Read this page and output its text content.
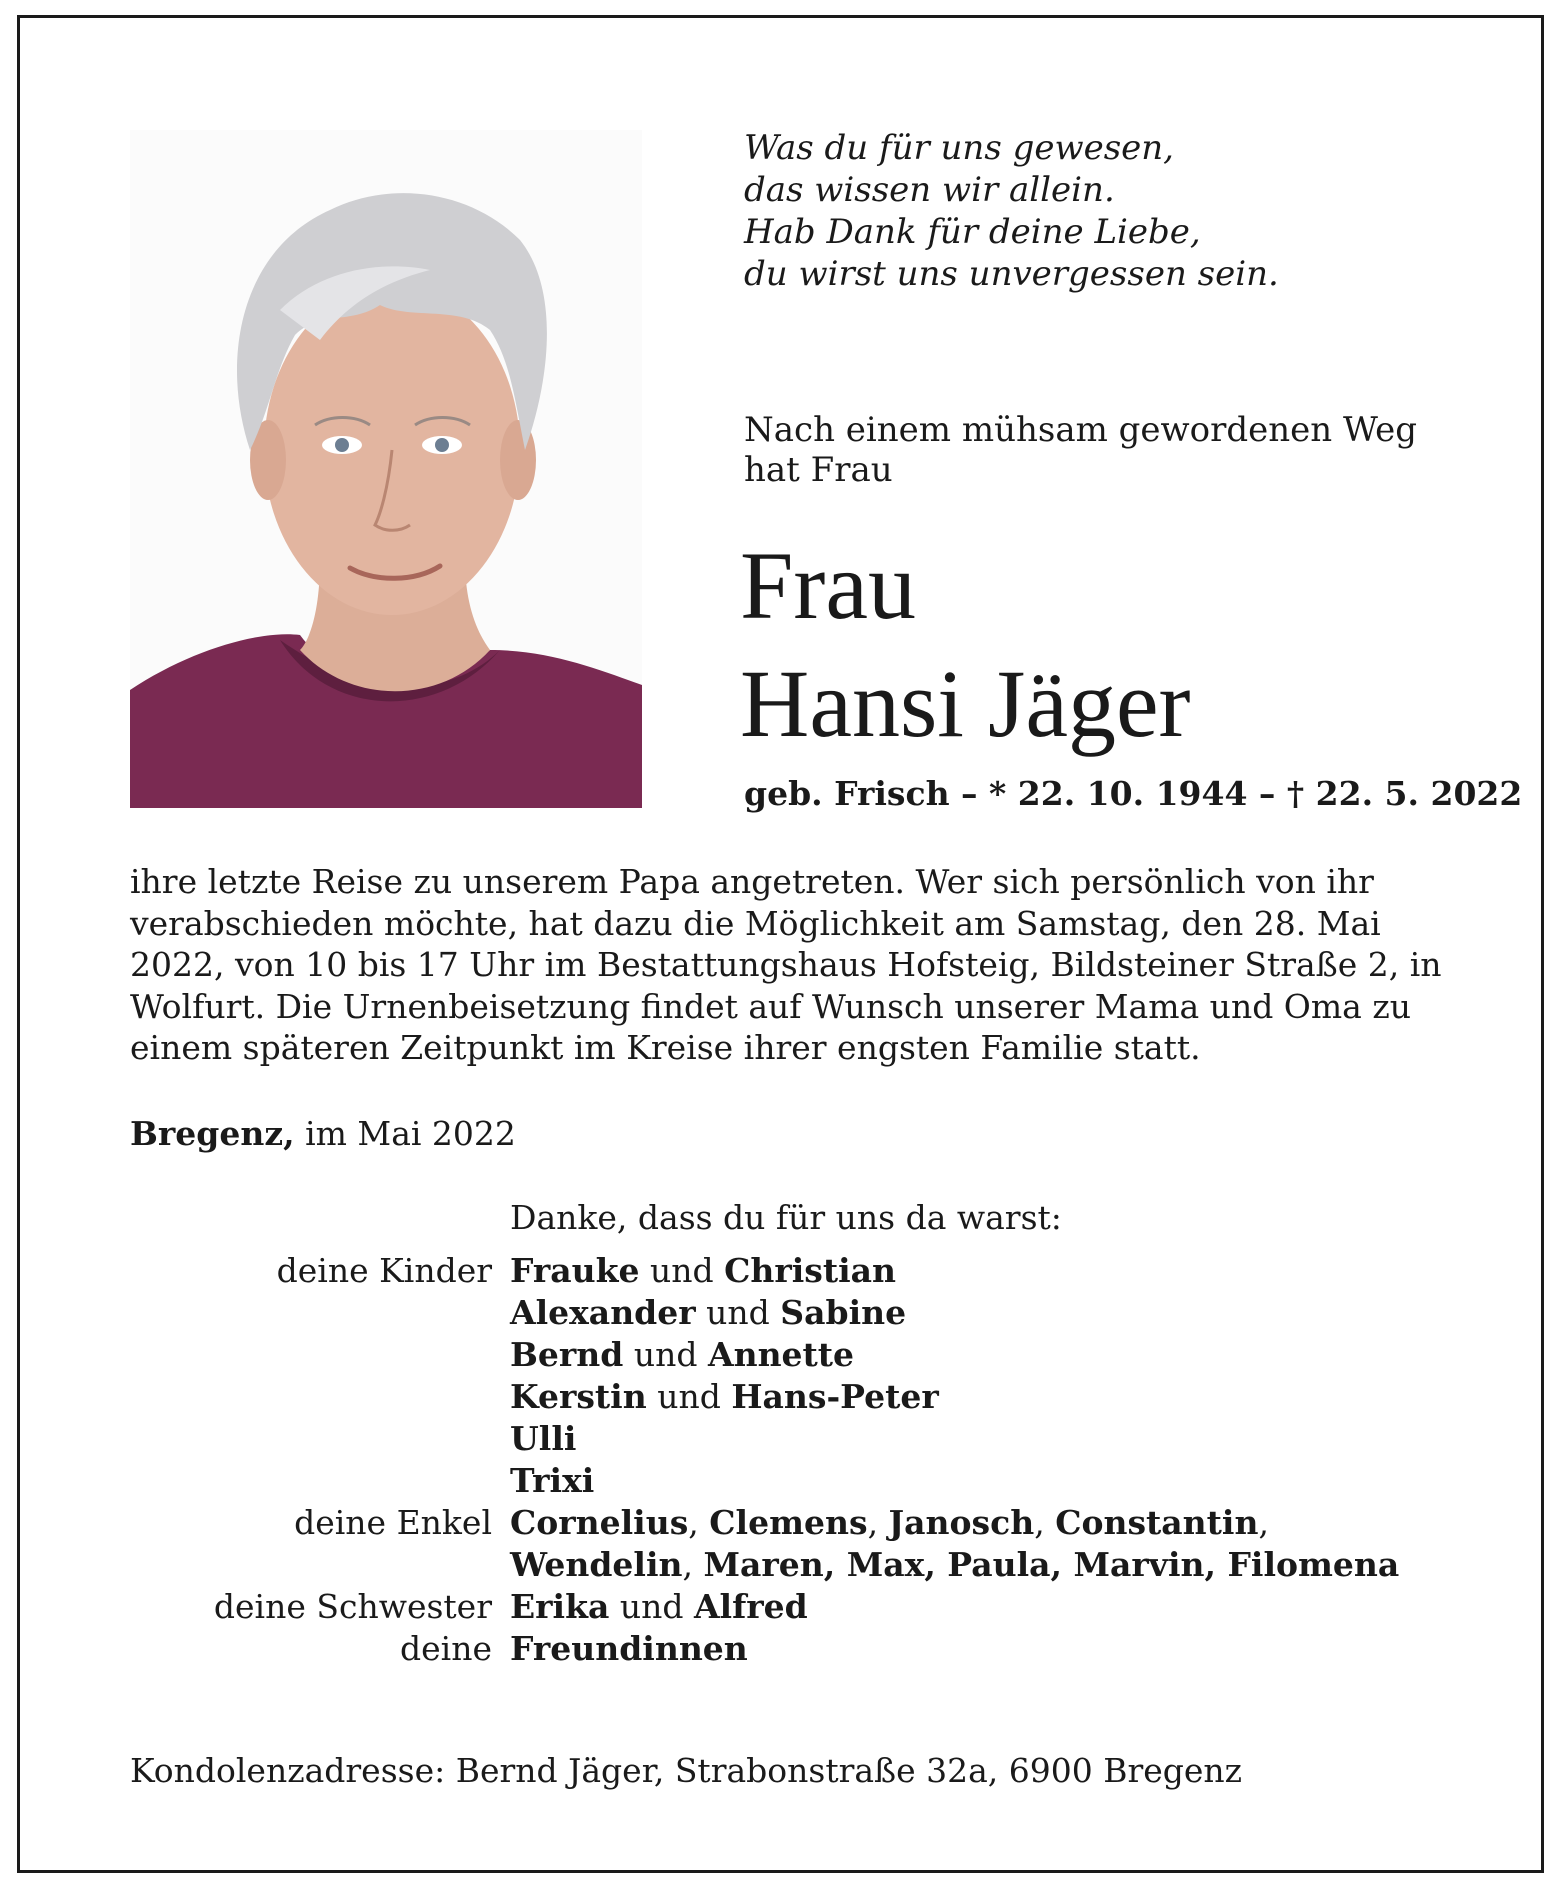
Was du für uns gewesen,
das wissen wir allein.
Hab Dank für deine Liebe,
du wirst uns unvergessen sein.
Nach einem mühsam gewordenen Weg
hat Frau
Frau
Hansi Jäger
geb. Frisch – * 22. 10. 1944 – † 22. 5. 2022
ihre letzte Reise zu unserem Papa angetreten. Wer sich persönlich von ihr
verabschieden möchte, hat dazu die Möglichkeit am Samstag, den 28. Mai
2022, von 10 bis 17 Uhr im Bestattungshaus Hofsteig, Bildsteiner Straße 2, in
Wolfurt. Die Urnenbeisetzung findet auf Wunsch unserer Mama und Oma zu
einem späteren Zeitpunkt im Kreise ihrer engsten Familie statt.
Bregenz, im Mai 2022
Danke, dass du für uns da warst:
deine Kinder Frauke und Christian
Alexander und Sabine
Bernd und Annette
Kerstin und Hans-Peter
Ulli
Trixi
deine Enkel Cornelius, Clemens, Janosch, Constantin,
Wendelin, Maren, Max, Paula, Marvin, Filomena
deine Schwester Erika und Alfred
deine Freundinnen
Kondolenzadresse: Bernd Jäger, Strabonstraße 32a, 6900 Bregenz
